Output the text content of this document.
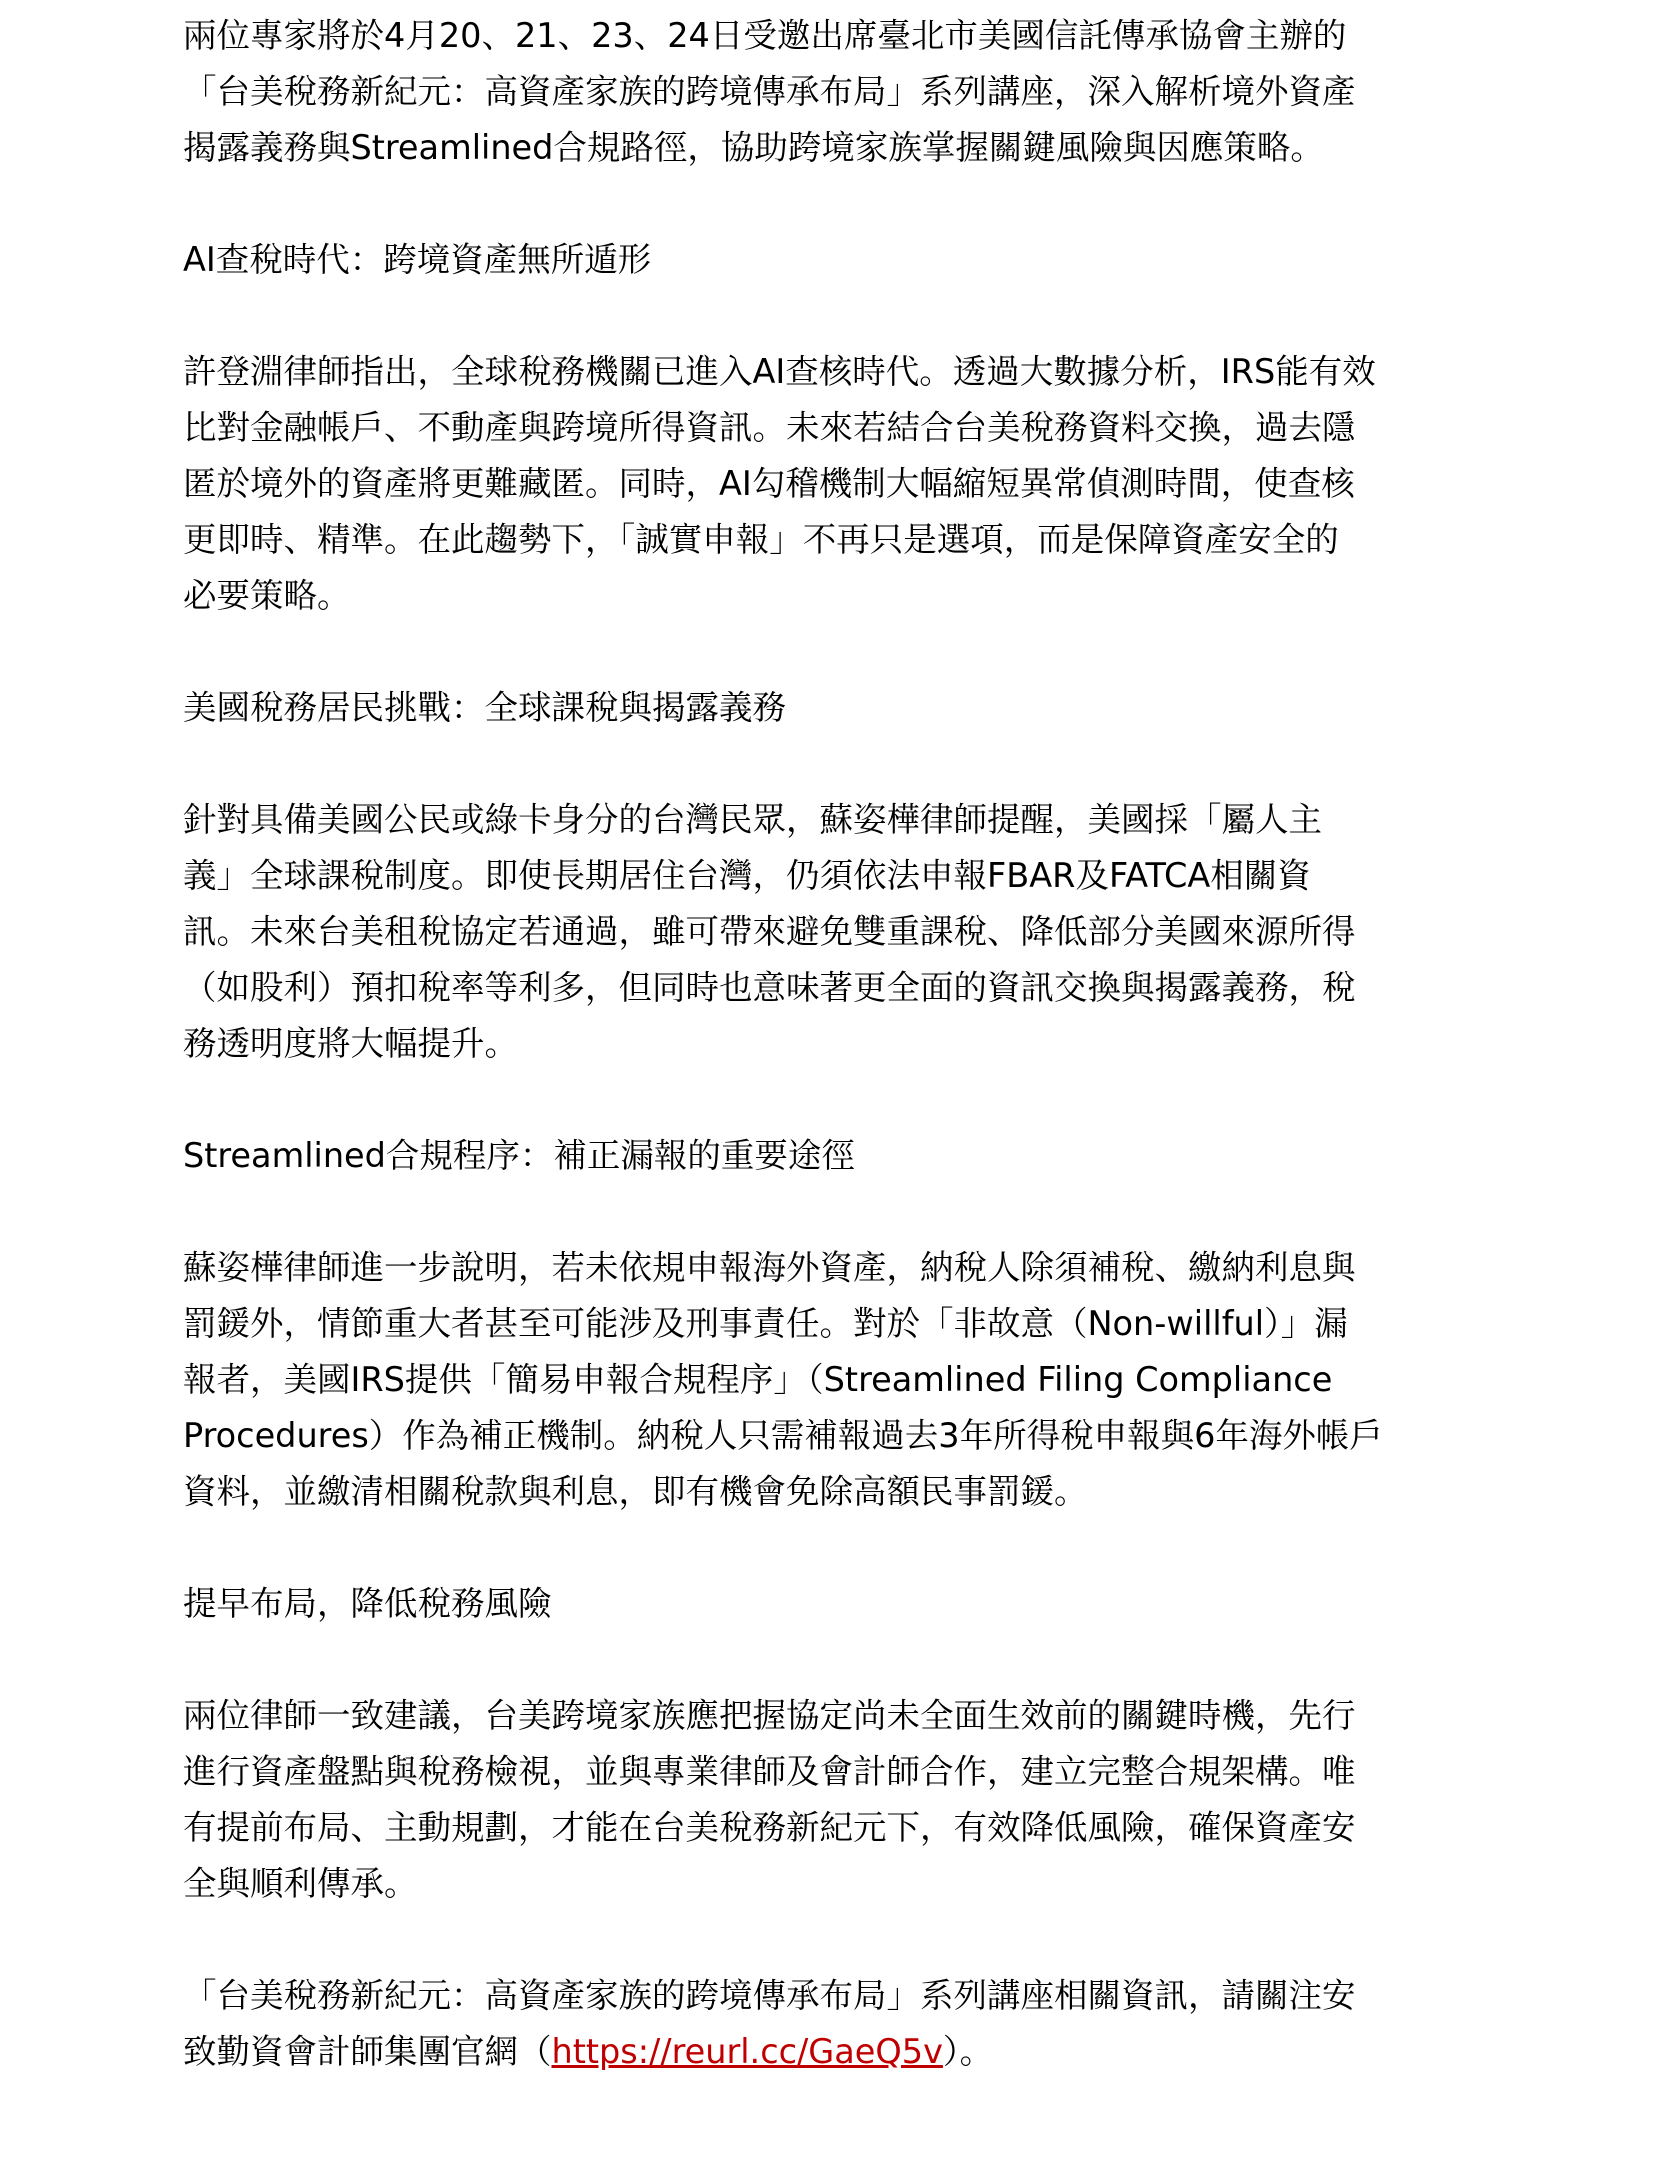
兩位專家將於4月20、21、23、24日受邀出席臺北市美國信託傳承協會主辦的
「台美稅務新紀元：高資產家族的跨境傳承布局」系列講座，深入解析境外資產
揭露義務與Streamlined合規路徑，協助跨境家族掌握關鍵風險與因應策略。

AI查稅時代：跨境資產無所遁形

許登淵律師指出，全球稅務機關已進入AI查核時代。透過大數據分析，IRS能有效
比對金融帳戶、不動產與跨境所得資訊。未來若結合台美稅務資料交換，過去隱
匿於境外的資產將更難藏匿。同時，AI勾稽機制大幅縮短異常偵測時間，使查核
更即時、精準。在此趨勢下，「誠實申報」不再只是選項，而是保障資產安全的
必要策略。

美國稅務居民挑戰：全球課稅與揭露義務

針對具備美國公民或綠卡身分的台灣民眾，蘇姿樺律師提醒，美國採「屬人主
義」全球課稅制度。即使長期居住台灣，仍須依法申報FBAR及FATCA相關資
訊。未來台美租稅協定若通過，雖可帶來避免雙重課稅、降低部分美國來源所得
（如股利）預扣稅率等利多，但同時也意味著更全面的資訊交換與揭露義務，稅
務透明度將大幅提升。

Streamlined合規程序：補正漏報的重要途徑

蘇姿樺律師進一步說明，若未依規申報海外資產，納稅人除須補稅、繳納利息與
罰鍰外，情節重大者甚至可能涉及刑事責任。對於「非故意（Non-willful）」漏
報者，美國IRS提供「簡易申報合規程序」（Streamlined Filing Compliance
Procedures）作為補正機制。納稅人只需補報過去3年所得稅申報與6年海外帳戶
資料，並繳清相關稅款與利息，即有機會免除高額民事罰鍰。

提早布局，降低稅務風險

兩位律師一致建議，台美跨境家族應把握協定尚未全面生效前的關鍵時機，先行
進行資產盤點與稅務檢視，並與專業律師及會計師合作，建立完整合規架構。唯
有提前布局、主動規劃，才能在台美稅務新紀元下，有效降低風險，確保資產安
全與順利傳承。

「台美稅務新紀元：高資產家族的跨境傳承布局」系列講座相關資訊，請關注安
致勤資會計師集團官網（https://reurl.cc/GaeQ5v）。
